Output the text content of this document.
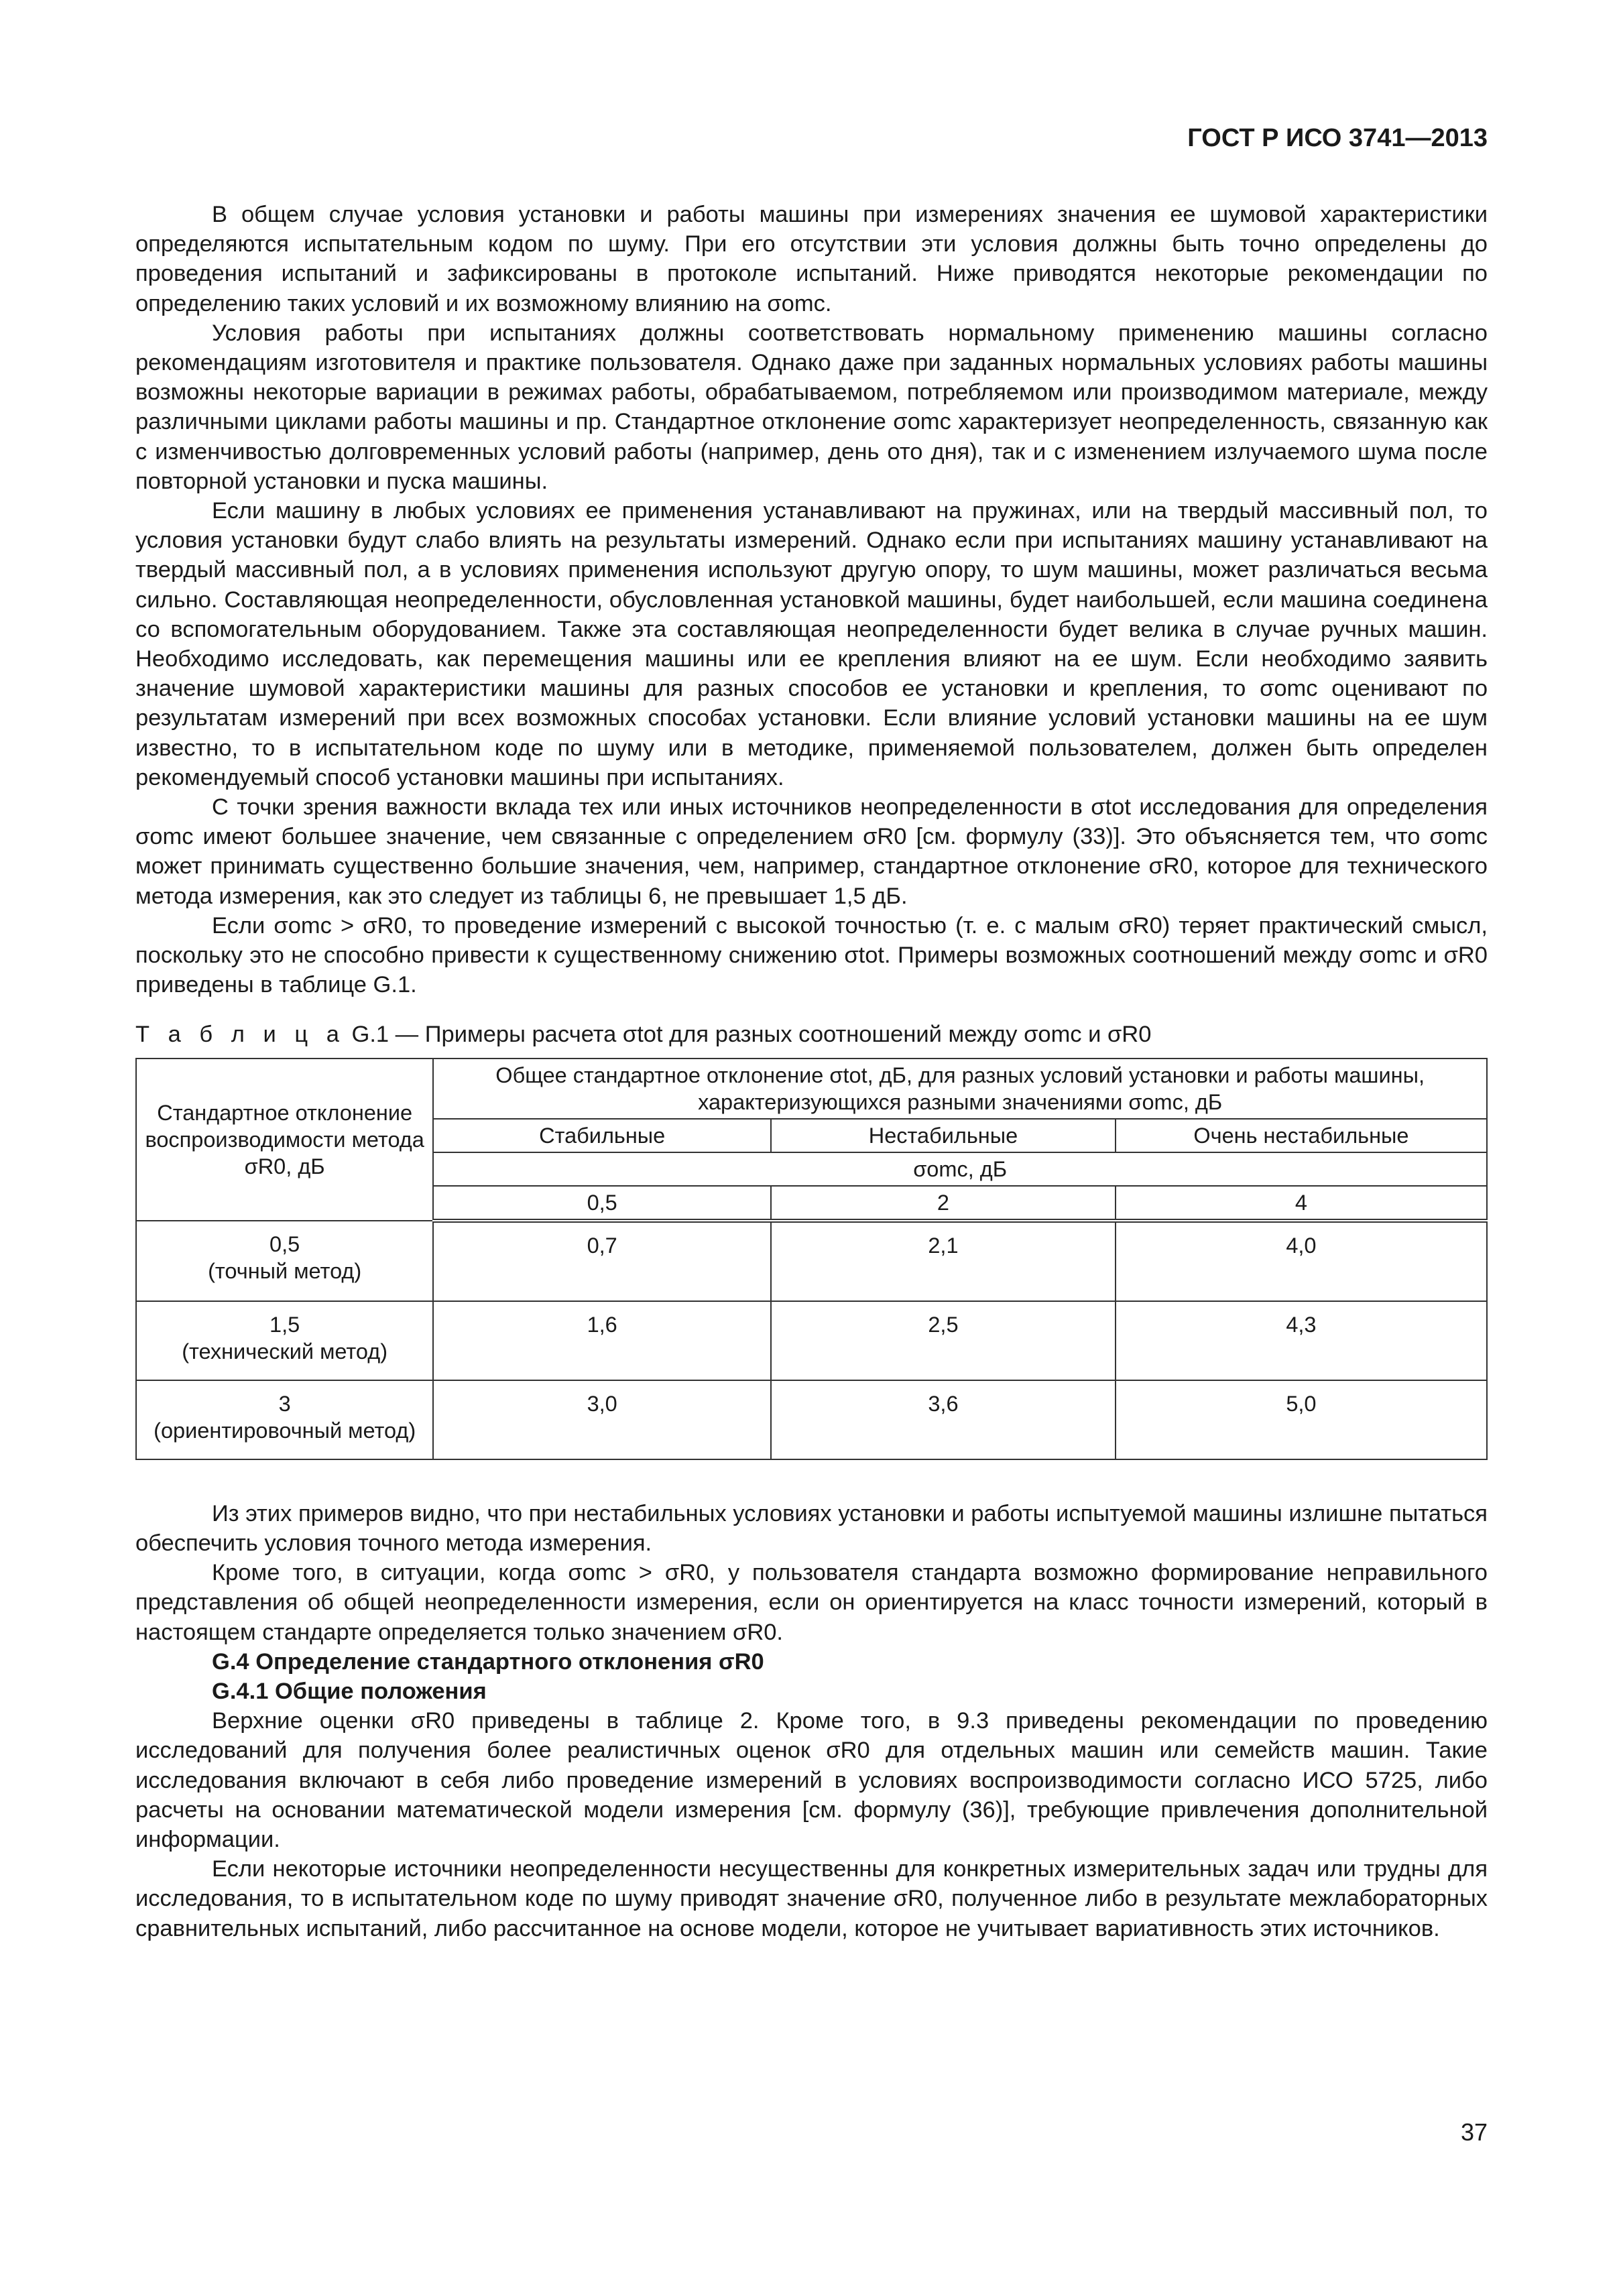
ГОСТ Р ИСО 3741—2013

В общем случае условия установки и работы машины при измерениях значения ее шумовой характеристики определяются испытательным кодом по шуму. При его отсутствии эти условия должны быть точно определены до проведения испытаний и зафиксированы в протоколе испытаний. Ниже приводятся некоторые рекомендации по определению таких условий и их возможному влиянию на σomc.

Условия работы при испытаниях должны соответствовать нормальному применению машины согласно рекомендациям изготовителя и практике пользователя. Однако даже при заданных нормальных условиях работы машины возможны некоторые вариации в режимах работы, обрабатываемом, потребляемом или производимом материале, между различными циклами работы машины и пр. Стандартное отклонение σomc характеризует неопределенность, связанную как с изменчивостью долговременных условий работы (например, день ото дня), так и с изменением излучаемого шума после повторной установки и пуска машины.

Если машину в любых условиях ее применения устанавливают на пружинах, или на твердый массивный пол, то условия установки будут слабо влиять на результаты измерений. Однако если при испытаниях машину устанавливают на твердый массивный пол, а в условиях применения используют другую опору, то шум машины, может различаться весьма сильно. Составляющая неопределенности, обусловленная установкой машины, будет наибольшей, если машина соединена со вспомогательным оборудованием. Также эта составляющая неопределенности будет велика в случае ручных машин. Необходимо исследовать, как перемещения машины или ее крепления влияют на ее шум. Если необходимо заявить значение шумовой характеристики машины для разных способов ее установки и крепления, то σomc оценивают по результатам измерений при всех возможных способах установки. Если влияние условий установки машины на ее шум известно, то в испытательном коде по шуму или в методике, применяемой пользователем, должен быть определен рекомендуемый способ установки машины при испытаниях.

С точки зрения важности вклада тех или иных источников неопределенности в σtot исследования для определения σomc имеют большее значение, чем связанные с определением σR0 [см. формулу (33)]. Это объясняется тем, что σomc может принимать существенно большие значения, чем, например, стандартное отклонение σR0, которое для технического метода измерения, как это следует из таблицы 6, не превышает 1,5 дБ.

Если σomc > σR0, то проведение измерений с высокой точностью (т. е. с малым σR0) теряет практический смысл, поскольку это не способно привести к существенному снижению σtot. Примеры возможных соотношений между σomc и σR0 приведены в таблице G.1.

Т а б л и ц а G.1 — Примеры расчета σtot для разных соотношений между σomc и σR0

Стандартное отклонение воспроизводимости метода σR0, дБ	Общее стандартное отклонение σtot, дБ, для разных условий установки и работы машины, характеризующихся разными значениями σomc, дБ		
	Стабильные	Нестабильные	Очень нестабильные
	σomc, дБ		
	0,5	2	4

0,5
(точный метод)	0,7	2,1	4,0

1,5
(технический метод)	1,6	2,5	4,3

3
(ориентировочный метод)	3,0	3,6	5,0

Из этих примеров видно, что при нестабильных условиях установки и работы испытуемой машины излишне пытаться обеспечить условия точного метода измерения.

Кроме того, в ситуации, когда σomc > σR0, у пользователя стандарта возможно формирование неправильного представления об общей неопределенности измерения, если он ориентируется на класс точности измерений, который в настоящем стандарте определяется только значением σR0.

G.4 Определение стандартного отклонения σR0

G.4.1 Общие положения

Верхние оценки σR0 приведены в таблице 2. Кроме того, в 9.3 приведены рекомендации по проведению исследований для получения более реалистичных оценок σR0 для отдельных машин или семейств машин. Такие исследования включают в себя либо проведение измерений в условиях воспроизводимости согласно ИСО 5725, либо расчеты на основании математической модели измерения [см. формулу (36)], требующие привлечения дополнительной информации.

Если некоторые источники неопределенности несущественны для конкретных измерительных задач или трудны для исследования, то в испытательном коде по шуму приводят значение σR0, полученное либо в результате межлабораторных сравнительных испытаний, либо рассчитанное на основе модели, которое не учитывает вариативность этих источников.

37
